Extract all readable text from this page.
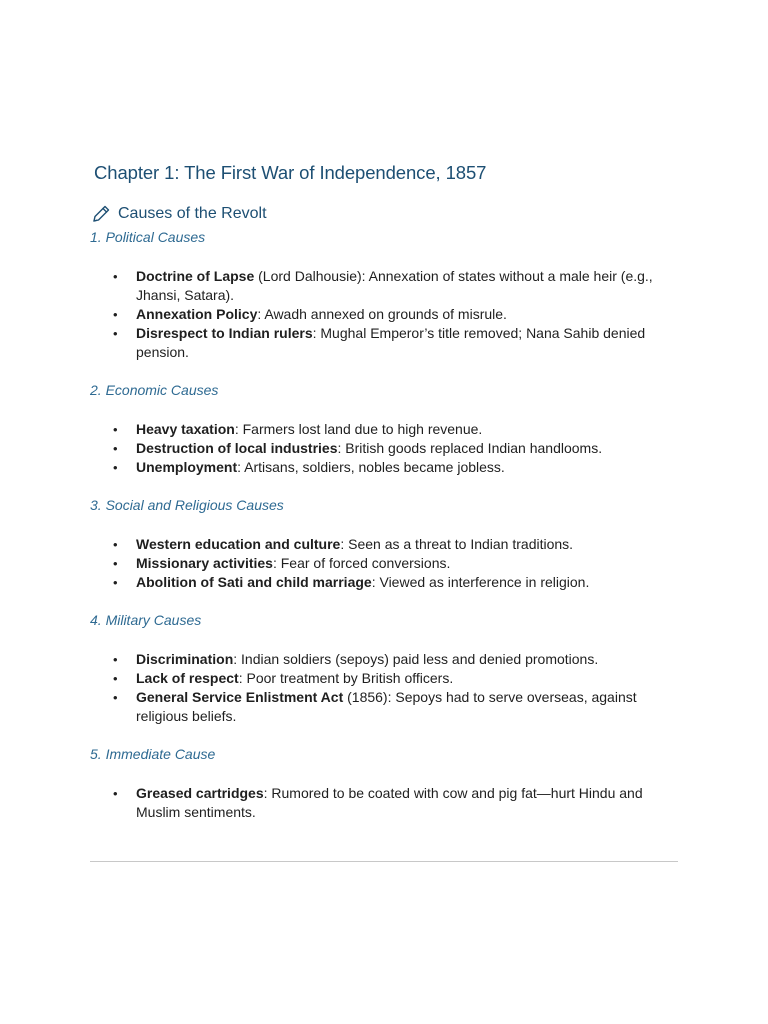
Chapter 1: The First War of Independence, 1857
Causes of the Revolt

1. Political Causes

• Doctrine of Lapse (Lord Dalhousie): Annexation of states without a male heir (e.g., Jhansi, Satara).
• Annexation Policy: Awadh annexed on grounds of misrule.
• Disrespect to Indian rulers: Mughal Emperor’s title removed; Nana Sahib denied pension.

2. Economic Causes

• Heavy taxation: Farmers lost land due to high revenue.
• Destruction of local industries: British goods replaced Indian handlooms.
• Unemployment: Artisans, soldiers, nobles became jobless.

3. Social and Religious Causes

• Western education and culture: Seen as a threat to Indian traditions.
• Missionary activities: Fear of forced conversions.
• Abolition of Sati and child marriage: Viewed as interference in religion.

4. Military Causes

• Discrimination: Indian soldiers (sepoys) paid less and denied promotions.
• Lack of respect: Poor treatment by British officers.
• General Service Enlistment Act (1856): Sepoys had to serve overseas, against religious beliefs.

5. Immediate Cause

• Greased cartridges: Rumored to be coated with cow and pig fat—hurt Hindu and Muslim sentiments.
